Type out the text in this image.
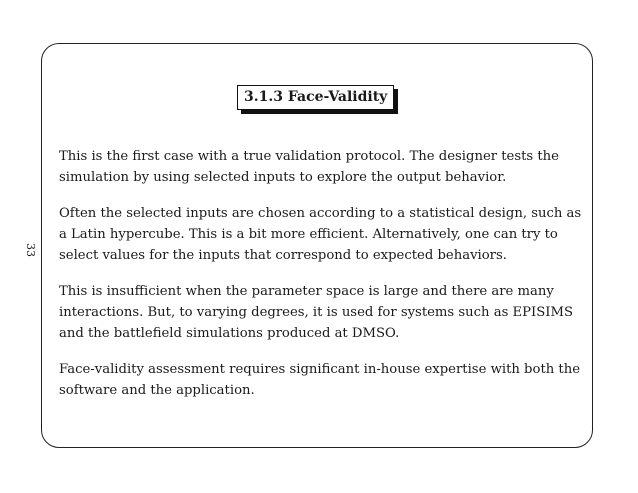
33
3.1.3 Face-Validity

This is the first case with a true validation protocol. The designer tests the simulation by using selected inputs to explore the output behavior.

Often the selected inputs are chosen according to a statistical design, such as a Latin hypercube. This is a bit more efficient. Alternatively, one can try to select values for the inputs that correspond to expected behaviors.

This is insufficient when the parameter space is large and there are many interactions. But, to varying degrees, it is used for systems such as EPISIMS and the battlefield simulations produced at DMSO.

Face-validity assessment requires significant in-house expertise with both the software and the application.
